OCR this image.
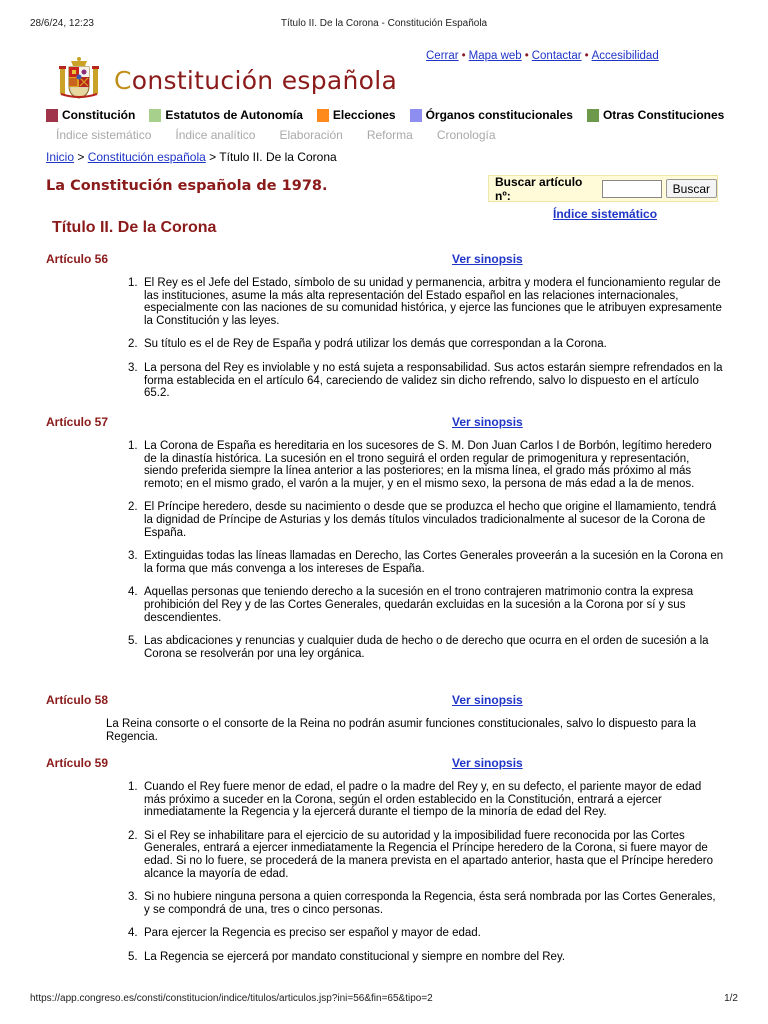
28/6/24, 12:23	Título II. De la Corona - Constitución Española
Constitución española
Cerrar • Mapa web • Contactar • Accesibilidad
Constitución	Estatutos de Autonomía	Elecciones	Órganos constitucionales	Otras Constituciones
Índice sistemático Índice analítico Elaboración Reforma Cronología
Inicio > Constitución española > Título II. De la Corona
La Constitución española de 1978.	Buscar artículo nº:	Buscar
Índice sistemático
Título II. De la Corona
Artículo 56	Ver sinopsis
1. El Rey es el Jefe del Estado, símbolo de su unidad y permanencia, arbitra y modera el funcionamiento regular de las instituciones, asume la más alta representación del Estado español en las relaciones internacionales, especialmente con las naciones de su comunidad histórica, y ejerce las funciones que le atribuyen expresamente la Constitución y las leyes.
2. Su título es el de Rey de España y podrá utilizar los demás que correspondan a la Corona.
3. La persona del Rey es inviolable y no está sujeta a responsabilidad. Sus actos estarán siempre refrendados en la forma establecida en el artículo 64, careciendo de validez sin dicho refrendo, salvo lo dispuesto en el artículo 65.2.
Artículo 57	Ver sinopsis
1. La Corona de España es hereditaria en los sucesores de S. M. Don Juan Carlos I de Borbón, legítimo heredero de la dinastía histórica. La sucesión en el trono seguirá el orden regular de primogenitura y representación, siendo preferida siempre la línea anterior a las posteriores; en la misma línea, el grado más próximo al más remoto; en el mismo grado, el varón a la mujer, y en el mismo sexo, la persona de más edad a la de menos.
2. El Príncipe heredero, desde su nacimiento o desde que se produzca el hecho que origine el llamamiento, tendrá la dignidad de Príncipe de Asturias y los demás títulos vinculados tradicionalmente al sucesor de la Corona de España.
3. Extinguidas todas las líneas llamadas en Derecho, las Cortes Generales proveerán a la sucesión en la Corona en la forma que más convenga a los intereses de España.
4. Aquellas personas que teniendo derecho a la sucesión en el trono contrajeren matrimonio contra la expresa prohibición del Rey y de las Cortes Generales, quedarán excluidas en la sucesión a la Corona por sí y sus descendientes.
5. Las abdicaciones y renuncias y cualquier duda de hecho o de derecho que ocurra en el orden de sucesión a la Corona se resolverán por una ley orgánica.
Artículo 58	Ver sinopsis
La Reina consorte o el consorte de la Reina no podrán asumir funciones constitucionales, salvo lo dispuesto para la Regencia.
Artículo 59	Ver sinopsis
1. Cuando el Rey fuere menor de edad, el padre o la madre del Rey y, en su defecto, el pariente mayor de edad más próximo a suceder en la Corona, según el orden establecido en la Constitución, entrará a ejercer inmediatamente la Regencia y la ejercerá durante el tiempo de la minoría de edad del Rey.
2. Si el Rey se inhabilitare para el ejercicio de su autoridad y la imposibilidad fuere reconocida por las Cortes Generales, entrará a ejercer inmediatamente la Regencia el Príncipe heredero de la Corona, si fuere mayor de edad. Si no lo fuere, se procederá de la manera prevista en el apartado anterior, hasta que el Príncipe heredero alcance la mayoría de edad.
3. Si no hubiere ninguna persona a quien corresponda la Regencia, ésta será nombrada por las Cortes Generales, y se compondrá de una, tres o cinco personas.
4. Para ejercer la Regencia es preciso ser español y mayor de edad.
5. La Regencia se ejercerá por mandato constitucional y siempre en nombre del Rey.
https://app.congreso.es/consti/constitucion/indice/titulos/articulos.jsp?ini=56&fin=65&tipo=2	1/2
